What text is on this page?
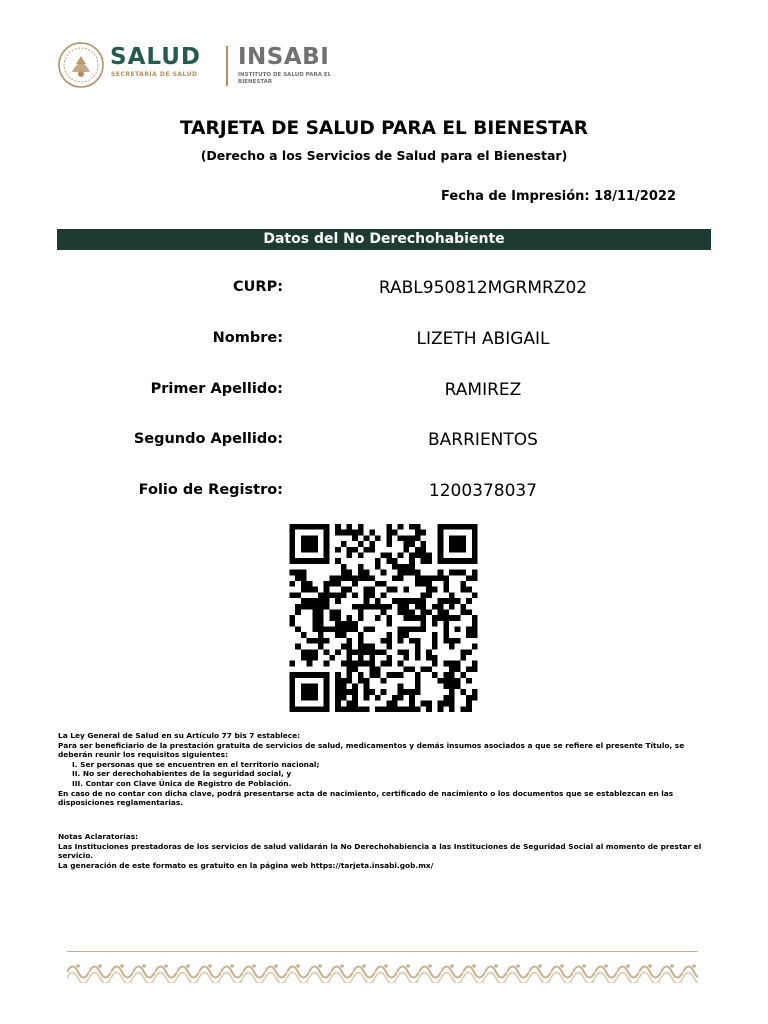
SALUD
SECRETARÍA DE SALUD
INSABI
INSTITUTO DE SALUD PARA EL BIENESTAR
TARJETA DE SALUD PARA EL BIENESTAR
(Derecho a los Servicios de Salud para el Bienestar)
Fecha de Impresión: 18/11/2022
Datos del No Derechohabiente
CURP:	RABL950812MGRMRZ02
Nombre:	LIZETH ABIGAIL
Primer Apellido:	RAMIREZ
Segundo Apellido:	BARRIENTOS
Folio de Registro:	1200378037
La Ley General de Salud en su Artículo 77 bis 7 establece:
Para ser beneficiario de la prestación gratuita de servicios de salud, medicamentos y demás insumos asociados a que se refiere el presente Título, se deberán reunir los requisitos siguientes:
I. Ser personas que se encuentren en el territorio nacional;
II. No ser derechohabientes de la seguridad social, y
III. Contar con Clave Única de Registro de Población.
En caso de no contar con dicha clave, podrá presentarse acta de nacimiento, certificado de nacimiento o los documentos que se establezcan en las disposiciones reglamentarias.
Notas Aclaratorias:
Las Instituciones prestadoras de los servicios de salud validarán la No Derechohabiencia a las Instituciones de Seguridad Social al momento de prestar el servicio.
La generación de este formato es gratuito en la página web https://tarjeta.insabi.gob.mx/
